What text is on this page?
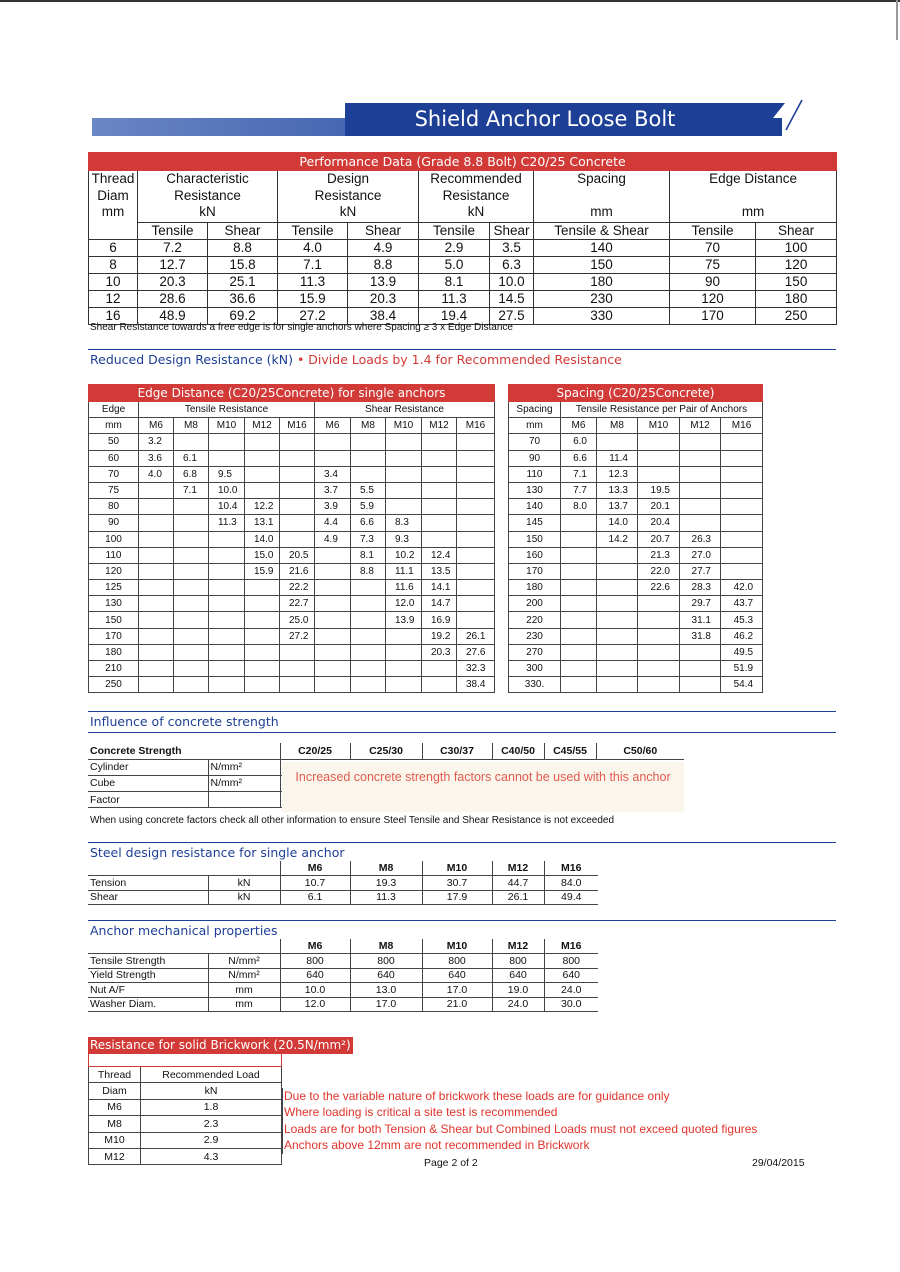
Shield Anchor Loose Bolt
Performance Data (Grade 8.8 Bolt) C20/25 Concrete									
Thread
Diam
mm	Characteristic
Resistance
kN		Design
Resistance
kN		Recommended
Resistance
kN		Spacing

mm	Edge Distance

mm	
	Tensile	Shear	Tensile	Shear	Tensile	Shear	Tensile & Shear	Tensile	Shear
6	7.2	8.8	4.0	4.9	2.9	3.5	140	70	100
8	12.7	15.8	7.1	8.8	5.0	6.3	150	75	120
10	20.3	25.1	11.3	13.9	8.1	10.0	180	90	150
12	28.6	36.6	15.9	20.3	11.3	14.5	230	120	180
16	48.9	69.2	27.2	38.4	19.4	27.5	330	170	250
Shear Resistance towards a free edge is for single anchors where Spacing ≥ 3 x Edge Distance
Reduced Design Resistance (kN) • Divide Loads by 1.4 for Recommended Resistance
Edge Distance (C20/25Concrete) for single anchors										
Edge	Tensile Resistance					Shear Resistance				
mm	M6	M8	M10	M12	M16	M6	M8	M10	M12	M16
50	3.2									
60	3.6	6.1								
70	4.0	6.8	9.5			3.4				
75		7.1	10.0			3.7	5.5			
80			10.4	12.2		3.9	5.9			
90			11.3	13.1		4.4	6.6	8.3		
100				14.0		4.9	7.3	9.3		
110				15.0	20.5		8.1	10.2	12.4	
120				15.9	21.6		8.8	11.1	13.5	
125					22.2			11.6	14.1	
130					22.7			12.0	14.7	
150					25.0			13.9	16.9	
170					27.2				19.2	26.1
180									20.3	27.6
210										32.3
250										38.4
Spacing (C20/25Concrete)					
Spacing	Tensile Resistance per Pair of Anchors				
mm	M6	M8	M10	M12	M16
70	6.0				
90	6.6	11.4			
110	7.1	12.3			
130	7.7	13.3	19.5		
140	8.0	13.7	20.1		
145		14.0	20.4		
150		14.2	20.7	26.3	
160			21.3	27.0	
170			22.0	27.7	
180			22.6	28.3	42.0
200				29.7	43.7
220				31.1	45.3
230				31.8	46.2
270					49.5
300					51.9
330.					54.4
Influence of concrete strength
Concrete Strength		C20/25	C25/30	C30/37	C40/50	C45/55	C50/60
Cylinder	N/mm²						
Cube	N/mm²						
Factor							
Increased concrete strength factors cannot be used with this anchor
When using concrete factors check all other information to ensure Steel Tensile and Shear Resistance is not exceeded
Steel design resistance for single anchor
		M6	M8	M10	M12	M16
Tension	kN	10.7	19.3	30.7	44.7	84.0
Shear	kN	6.1	11.3	17.9	26.1	49.4
Anchor mechanical properties
		M6	M8	M10	M12	M16
Tensile Strength	N/mm²	800	800	800	800	800
Yield Strength	N/mm²	640	640	640	640	640
Nut A/F	mm	10.0	13.0	17.0	19.0	24.0
Washer Diam.	mm	12.0	17.0	21.0	24.0	30.0
Thread	Recommended Load
Diam	kN
M6	1.8
M8	2.3
M10	2.9
M12	4.3
Resistance for solid Brickwork (20.5N/mm²)
Due to the variable nature of brickwork these loads are for guidance only
Where loading is critical a site test is recommended
Loads are for both Tension & Shear but Combined Loads must not exceed quoted figures
Anchors above 12mm are not recommended in Brickwork
Page 2 of 2	29/04/2015
